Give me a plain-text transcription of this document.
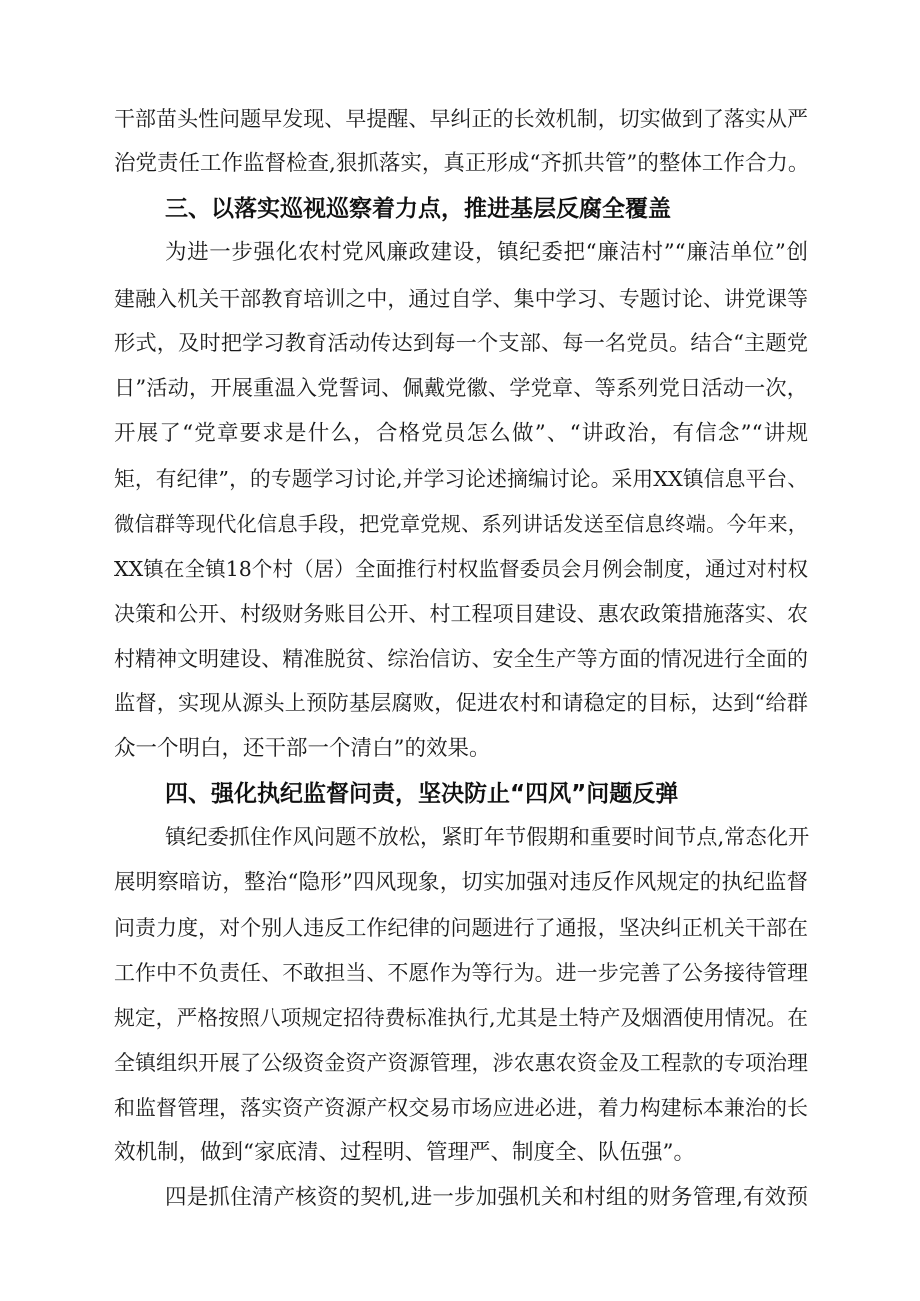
干部苗头性问题早发现、早提醒、早纠正的长效机制，切实做到了落实从严
治党责任工作监督检查,狠抓落实，真正形成“齐抓共管”的整体工作合力。
三、以落实巡视巡察着力点，推进基层反腐全覆盖
为进一步强化农村党风廉政建设，镇纪委把“廉洁村”“廉洁单位”创
建融入机关干部教育培训之中，通过自学、集中学习、专题讨论、讲党课等
形式，及时把学习教育活动传达到每一个支部、每一名党员。结合“主题党
日”活动，开展重温入党誓词、佩戴党徽、学党章、等系列党日活动一次，
开展了“党章要求是什么，合格党员怎么做”、“讲政治，有信念”“讲规
矩，有纪律”，的专题学习讨论,并学习论述摘编讨论。采用XX镇信息平台、
微信群等现代化信息手段，把党章党规、系列讲话发送至信息终端。今年来，
XX镇在全镇18个村（居）全面推行村权监督委员会月例会制度，通过对村权
决策和公开、村级财务账目公开、村工程项目建设、惠农政策措施落实、农
村精神文明建设、精准脱贫、综治信访、安全生产等方面的情况进行全面的
监督，实现从源头上预防基层腐败，促进农村和请稳定的目标，达到“给群
众一个明白，还干部一个清白”的效果。
四、强化执纪监督问责，坚决防止“四风”问题反弹
镇纪委抓住作风问题不放松，紧盯年节假期和重要时间节点,常态化开
展明察暗访，整治“隐形”四风现象，切实加强对违反作风规定的执纪监督
问责力度，对个别人违反工作纪律的问题进行了通报，坚决纠正机关干部在
工作中不负责任、不敢担当、不愿作为等行为。进一步完善了公务接待管理
规定，严格按照八项规定招待费标准执行,尤其是土特产及烟酒使用情况。在
全镇组织开展了公级资金资产资源管理，涉农惠农资金及工程款的专项治理
和监督管理，落实资产资源产权交易市场应进必进，着力构建标本兼治的长
效机制，做到“家底清、过程明、管理严、制度全、队伍强”。
四是抓住清产核资的契机,进一步加强机关和村组的财务管理,有效预
